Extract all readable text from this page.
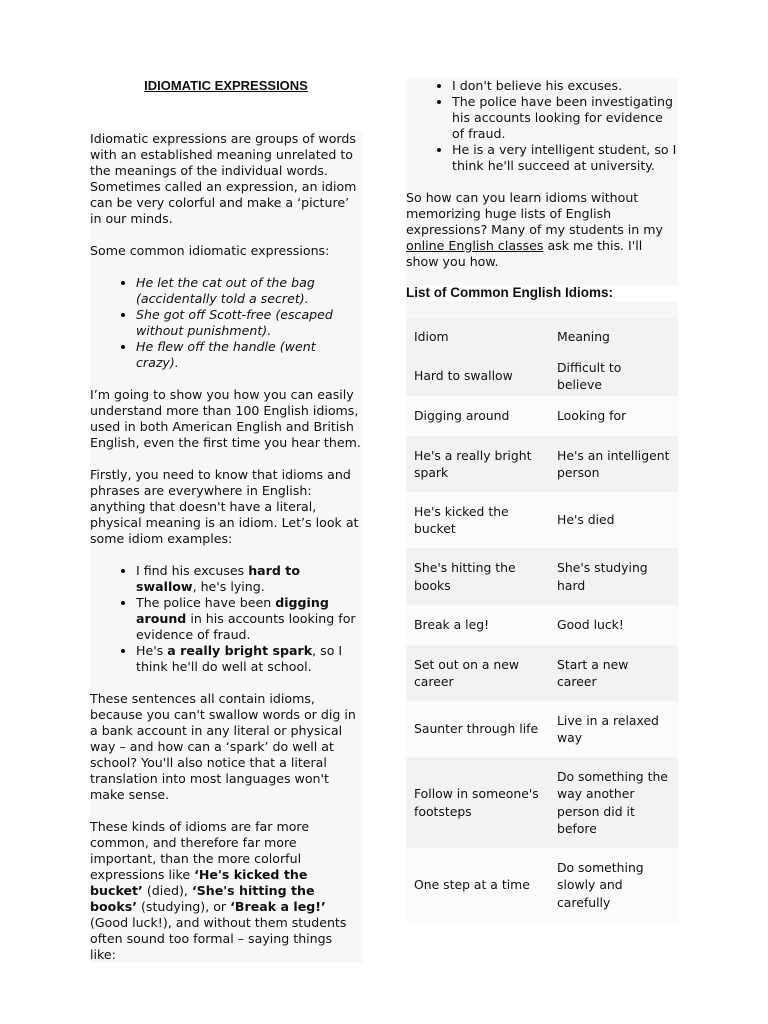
IDIOMATIC EXPRESSIONS

Idiomatic expressions are groups of words with an established meaning unrelated to the meanings of the individual words. Sometimes called an expression, an idiom can be very colorful and make a ‘picture’ in our minds.

Some common idiomatic expressions:

• He let the cat out of the bag (accidentally told a secret).
• She got off Scott-free (escaped without punishment).
• He flew off the handle (went crazy).

I’m going to show you how you can easily understand more than 100 English idioms, used in both American English and British English, even the first time you hear them.

Firstly, you need to know that idioms and phrases are everywhere in English: anything that doesn't have a literal, physical meaning is an idiom. Let’s look at some idiom examples:

• I find his excuses hard to swallow, he's lying.
• The police have been digging around in his accounts looking for evidence of fraud.
• He's a really bright spark, so I think he'll do well at school.

These sentences all contain idioms, because you can't swallow words or dig in a bank account in any literal or physical way – and how can a ‘spark’ do well at school? You'll also notice that a literal translation into most languages won't make sense.

These kinds of idioms are far more common, and therefore far more important, than the more colorful expressions like ‘He's kicked the bucket’ (died), ‘She's hitting the books’ (studying), or ‘Break a leg!’ (Good luck!), and without them students often sound too formal – saying things like:

• I don't believe his excuses.
• The police have been investigating his accounts looking for evidence of fraud.
• He is a very intelligent student, so I think he'll succeed at university.

So how can you learn idioms without memorizing huge lists of English expressions? Many of my students in my online English classes ask me this. I'll show you how.

List of Common English Idioms:
Idiom	Meaning
Hard to swallow	Difficult to believe
Digging around	Looking for
He's a really bright spark	He's an intelligent person
He's kicked the bucket	He's died
She's hitting the books	She's studying hard
Break a leg!	Good luck!
Set out on a new career	Start a new career
Saunter through life	Live in a relaxed way
Follow in someone's footsteps	Do something the way another person did it before
One step at a time	Do something slowly and carefully
